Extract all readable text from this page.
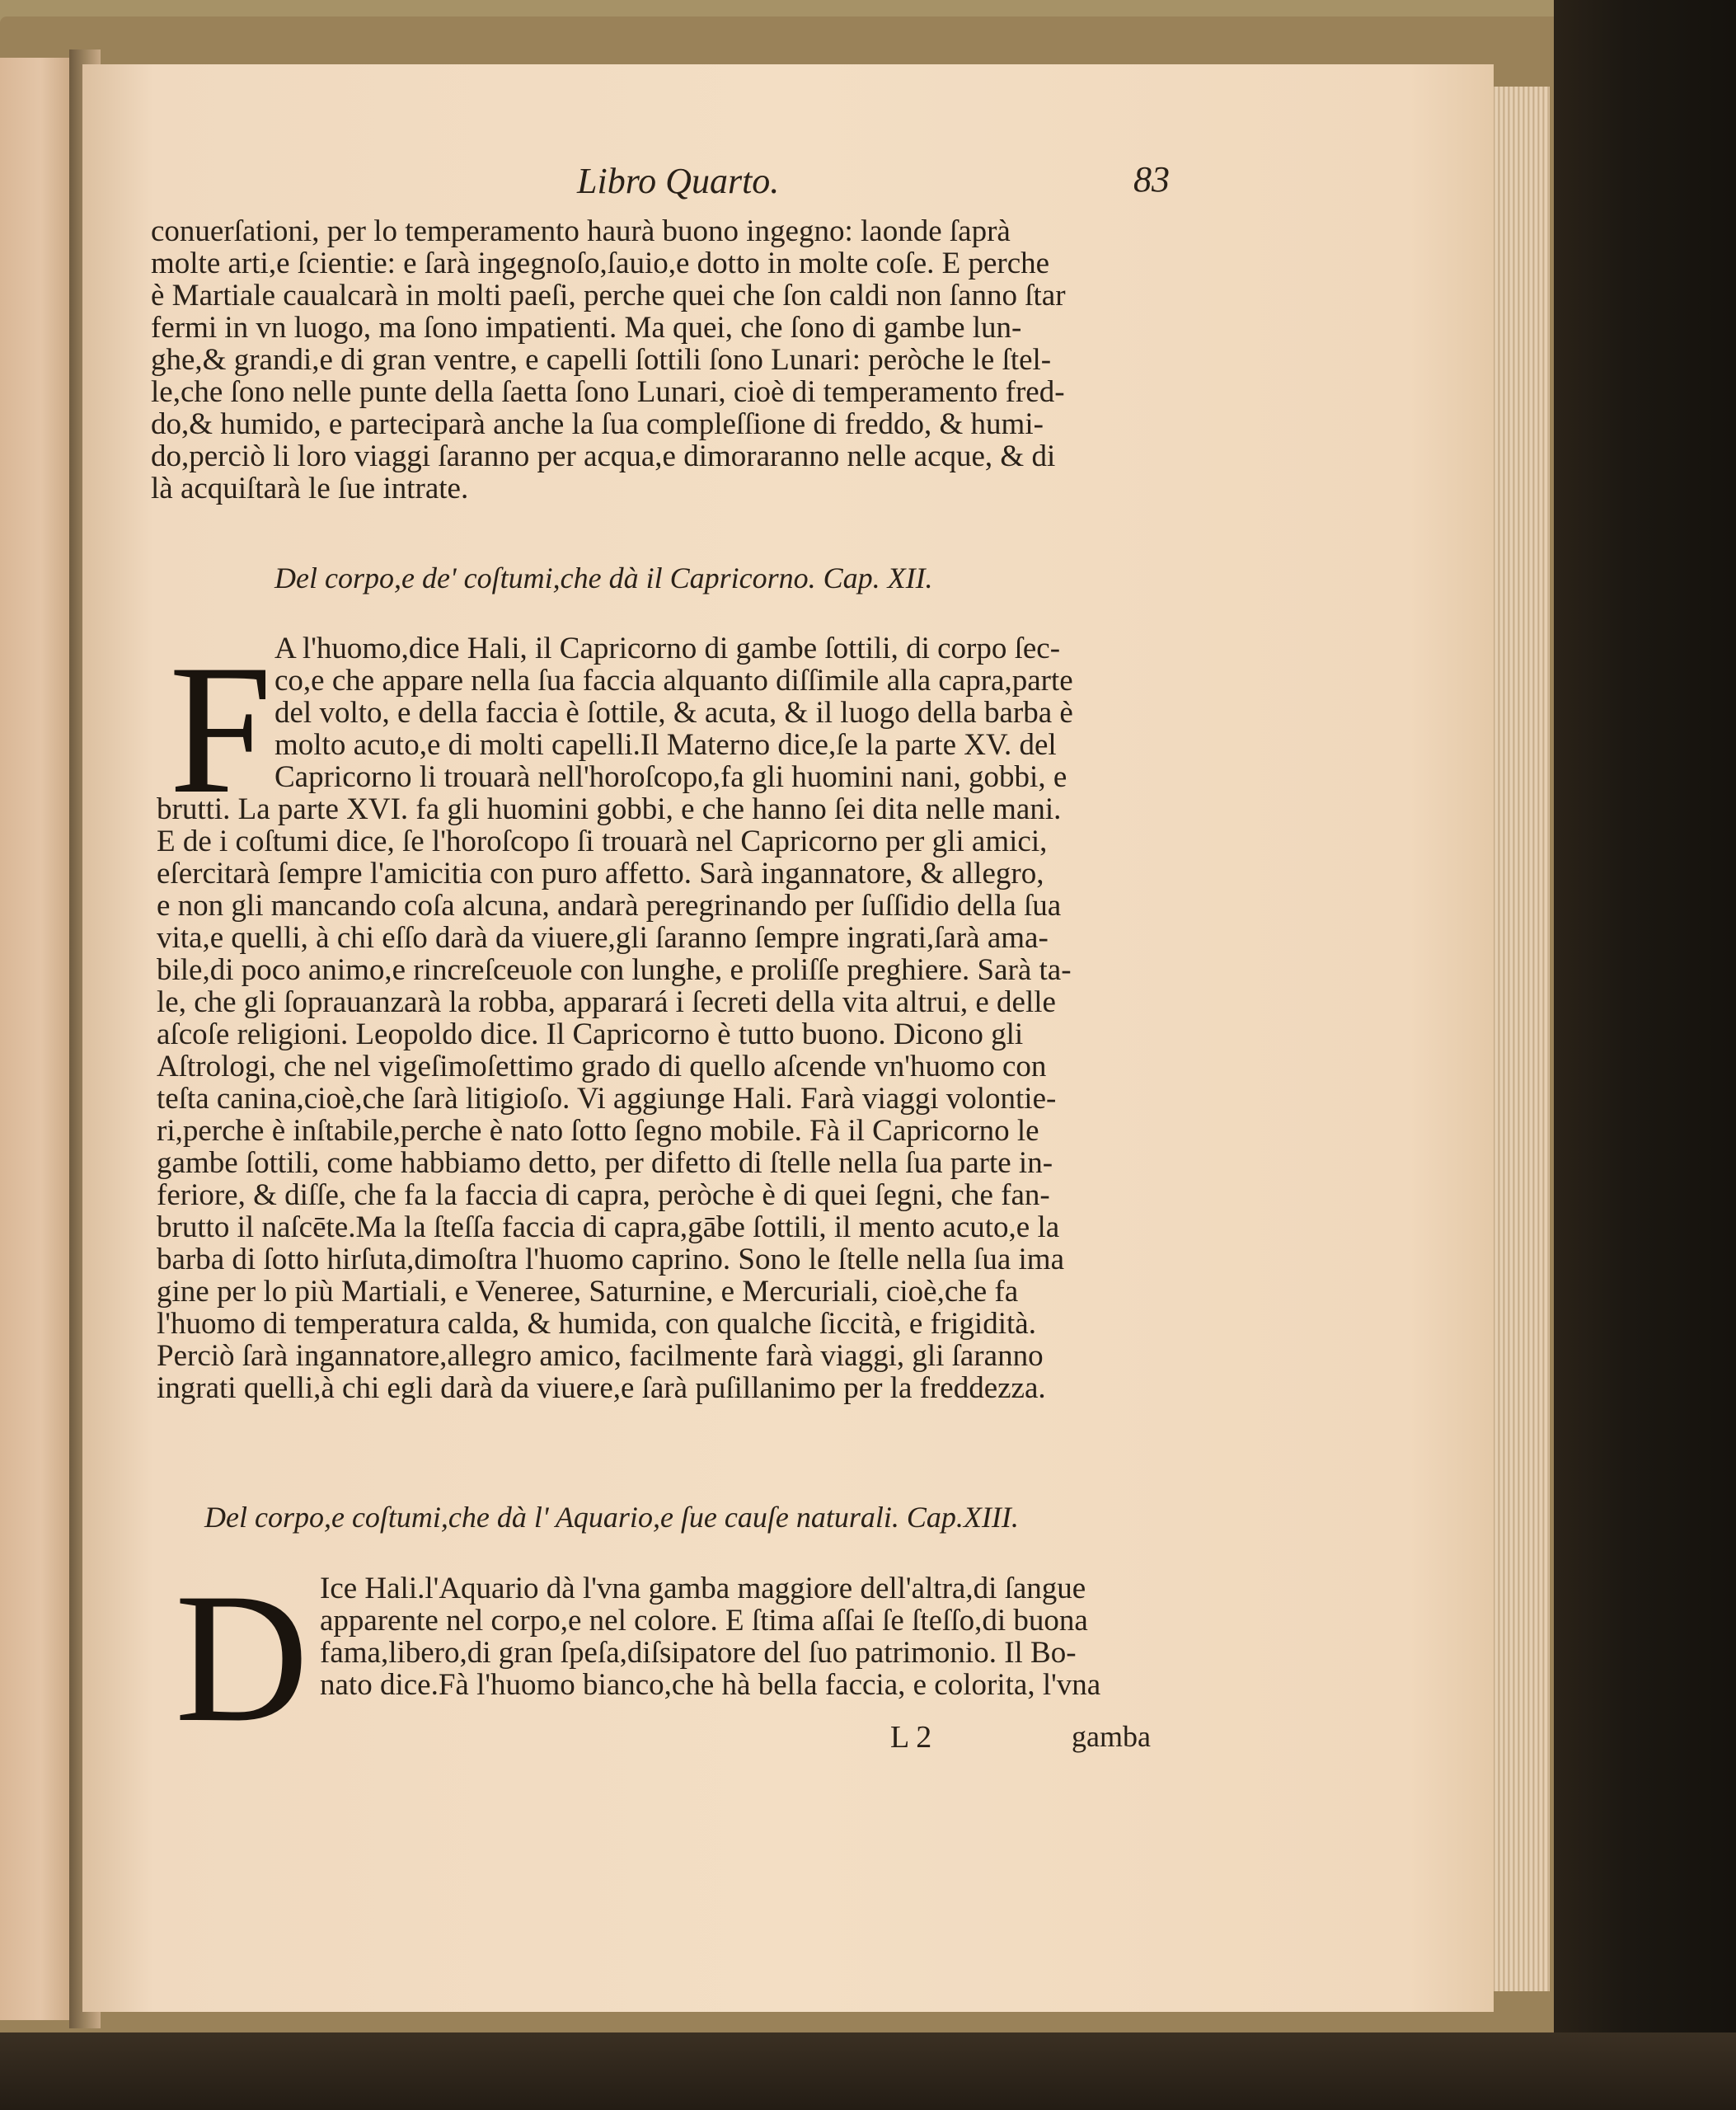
Libro Quarto.	83
conuerſationi, per lo temperamento haurà buono ingegno: laonde ſaprà
molte arti,e ſcientie: e ſarà ingegnoſo,ſauio,e dotto in molte coſe. E perche
è Martiale caualcarà in molti paeſi, perche quei che ſon caldi non ſanno ſtar
fermi in vn luogo, ma ſono impatienti. Ma quei, che ſono di gambe lun-
ghe,& grandi,e di gran ventre, e capelli ſottili ſono Lunari: peròche le ſtel-
le,che ſono nelle punte della ſaetta ſono Lunari, cioè di temperamento fred-
do,& humido, e parteciparà anche la ſua compleſſione di freddo, & humi-
do,perciò li loro viaggi ſaranno per acqua,e dimoraranno nelle acque, & di
là acquiſtarà le ſue intrate.
Del corpo,e de' coſtumi,che dà il Capricorno. Cap. XII.
F A l'huomo,dice Hali, il Capricorno di gambe ſottili, di corpo ſec-
co,e che appare nella ſua faccia alquanto diſſimile alla capra,parte
del volto, e della faccia è ſottile, & acuta, & il luogo della barba è
molto acuto,e di molti capelli.Il Materno dice,ſe la parte XV. del
Capricorno li trouarà nell'horoſcopo,fa gli huomini nani, gobbi, e
brutti. La parte XVI. fa gli huomini gobbi, e che hanno ſei dita nelle mani.
E de i coſtumi dice, ſe l'horoſcopo ſi trouarà nel Capricorno per gli amici,
eſercitarà ſempre l'amicitia con puro affetto. Sarà ingannatore, & allegro,
e non gli mancando coſa alcuna, andarà peregrinando per ſuſſidio della ſua
vita,e quelli, à chi eſſo darà da viuere,gli ſaranno ſempre ingrati,ſarà ama-
bile,di poco animo,e rincreſceuole con lunghe, e proliſſe preghiere. Sarà ta-
le, che gli ſoprauanzarà la robba, apparará i ſecreti della vita altrui, e delle
aſcoſe religioni. Leopoldo dice. Il Capricorno è tutto buono. Dicono gli
Aſtrologi, che nel vigeſimoſettimo grado di quello aſcende vn'huomo con
teſta canina,cioè,che ſarà litigioſo. Vi aggiunge Hali. Farà viaggi volontie-
ri,perche è inſtabile,perche è nato ſotto ſegno mobile. Fà il Capricorno le
gambe ſottili, come habbiamo detto, per difetto di ſtelle nella ſua parte in-
feriore, & diſſe, che fa la faccia di capra, peròche è di quei ſegni, che fan-
brutto il naſcēte.Ma la ſteſſa faccia di capra,gābe ſottili, il mento acuto,e la
barba di ſotto hirſuta,dimoſtra l'huomo caprino. Sono le ſtelle nella ſua ima
gine per lo più Martiali, e Veneree, Saturnine, e Mercuriali, cioè,che fa
l'huomo di temperatura calda, & humida, con qualche ſiccità, e frigidità.
Perciò ſarà ingannatore,allegro amico, facilmente farà viaggi, gli ſaranno
ingrati quelli,à chi egli darà da viuere,e ſarà puſillanimo per la freddezza.
Del corpo,e coſtumi,che dà l' Aquario,e ſue cauſe naturali. Cap.XIII.
D Ice Hali.l'Aquario dà l'vna gamba maggiore dell'altra,di ſangue
apparente nel corpo,e nel colore. E ſtima aſſai ſe ſteſſo,di buona
fama,libero,di gran ſpeſa,diſsipatore del ſuo patrimonio. Il Bo-
nato dice.Fà l'huomo bianco,che hà bella faccia, e colorita, l'vna
L 2	gamba
